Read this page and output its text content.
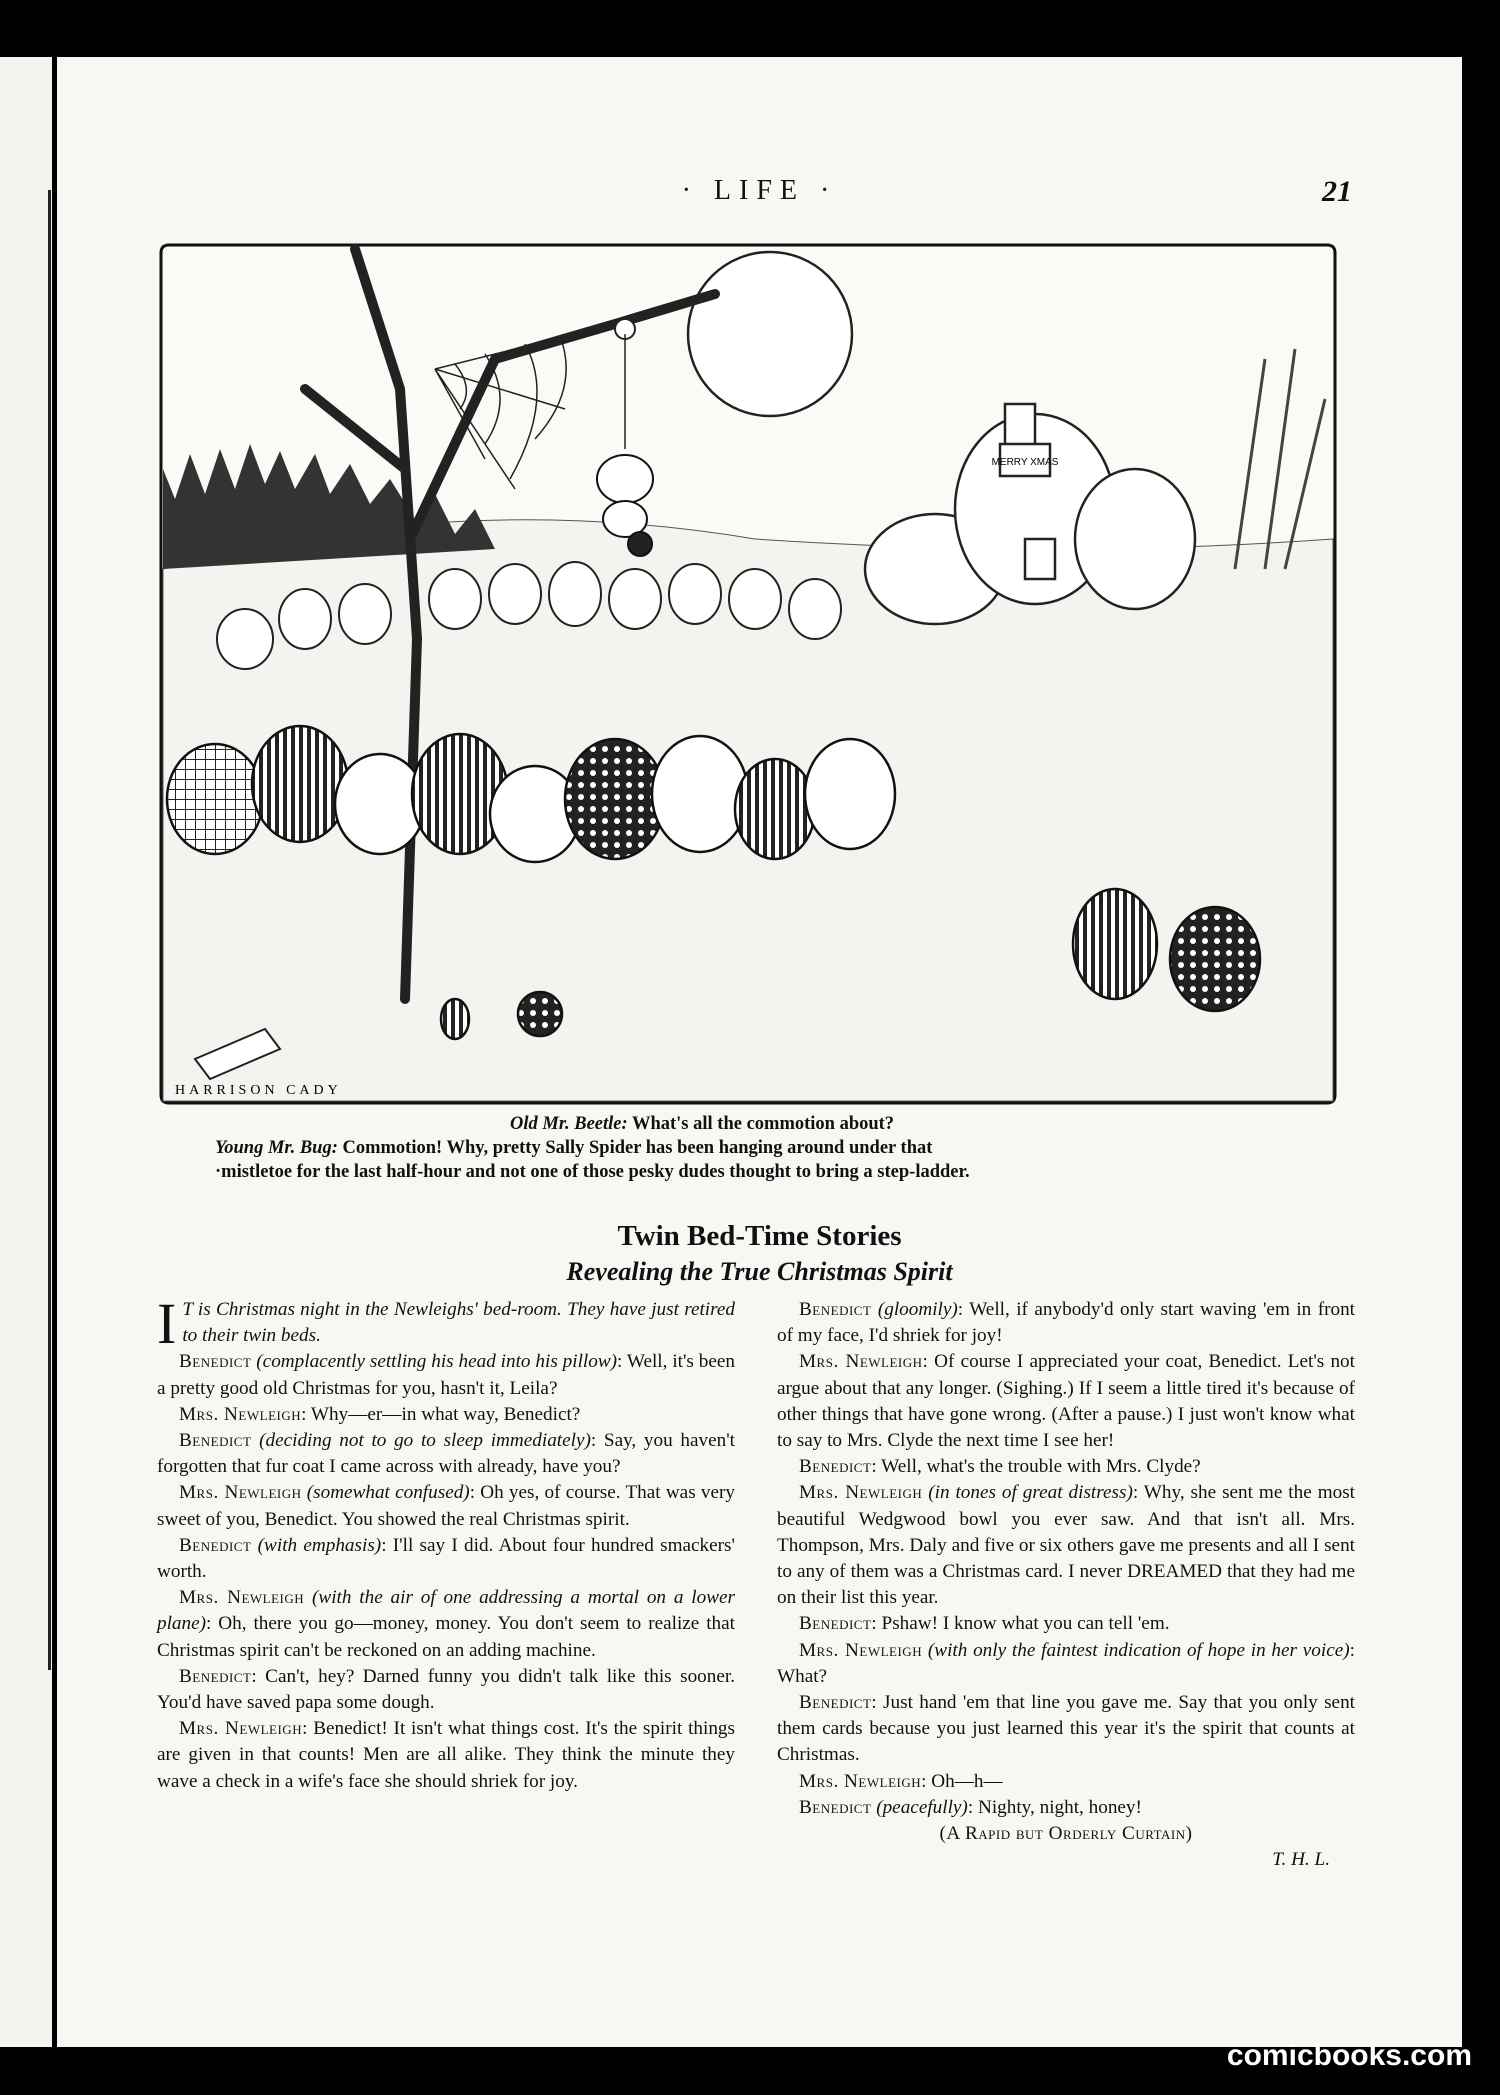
· LIFE ·	21
MERRY XMAS
HARRISON CADY

Old Mr. Beetle: What's all the commotion about?

Young Mr. Bug: Commotion! Why, pretty Sally Spider has been hanging around under that

·mistletoe for the last half-hour and not one of those pesky dudes thought to bring a step-ladder.

Twin Bed-Time Stories
Revealing the True Christmas Spirit

I T is Christmas night in the Newleighs' bed-room. They have just retired to their twin beds.

Benedict (complacently settling his head into his pillow): Well, it's been a pretty good old Christmas for you, hasn't it, Leila?

Mrs. Newleigh: Why—er—in what way, Benedict?

Benedict (deciding not to go to sleep immediately): Say, you haven't forgotten that fur coat I came across with already, have you?

Mrs. Newleigh (somewhat confused): Oh yes, of course. That was very sweet of you, Benedict. You showed the real Christmas spirit.

Benedict (with emphasis): I'll say I did. About four hundred smackers' worth.

Mrs. Newleigh (with the air of one addressing a mortal on a lower plane): Oh, there you go—money, money. You don't seem to realize that Christmas spirit can't be reckoned on an adding machine.

Benedict: Can't, hey? Darned funny you didn't talk like this sooner. You'd have saved papa some dough.

Mrs. Newleigh: Benedict! It isn't what things cost. It's the spirit things are given in that counts! Men are all alike. They think the minute they wave a check in a wife's face she should shriek for joy.

Benedict (gloomily): Well, if anybody'd only start waving 'em in front of my face, I'd shriek for joy!

Mrs. Newleigh: Of course I appreciated your coat, Benedict. Let's not argue about that any longer. (Sighing.) If I seem a little tired it's because of other things that have gone wrong. (After a pause.) I just won't know what to say to Mrs. Clyde the next time I see her!

Benedict: Well, what's the trouble with Mrs. Clyde?

Mrs. Newleigh (in tones of great distress): Why, she sent me the most beautiful Wedgwood bowl you ever saw. And that isn't all. Mrs. Thompson, Mrs. Daly and five or six others gave me presents and all I sent to any of them was a Christmas card. I never DREAMED that they had me on their list this year.

Benedict: Pshaw! I know what you can tell 'em.

Mrs. Newleigh (with only the faintest indication of hope in her voice): What?

Benedict: Just hand 'em that line you gave me. Say that you only sent them cards because you just learned this year it's the spirit that counts at Christmas.

Mrs. Newleigh: Oh—h—

Benedict (peacefully): Nighty, night, honey!

(A Rapid but Orderly Curtain)

T. H. L.

comicbooks.com
